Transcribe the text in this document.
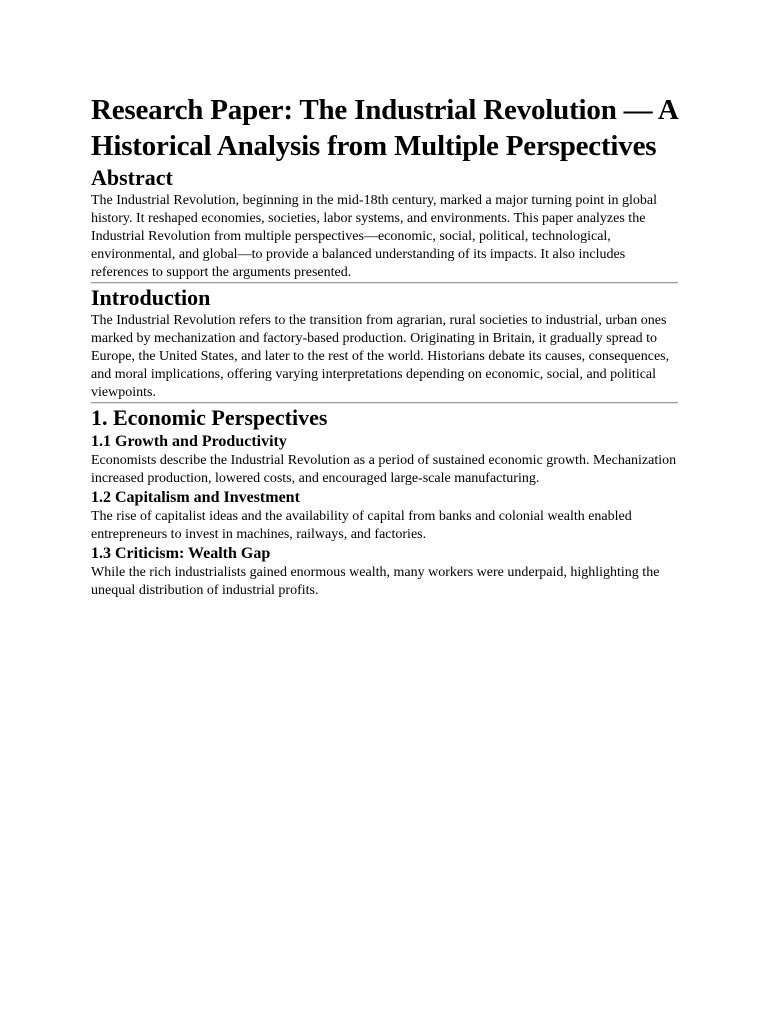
Research Paper: The Industrial Revolution — A Historical Analysis from Multiple Perspectives
Abstract

The Industrial Revolution, beginning in the mid-18th century, marked a major turning point in global history. It reshaped economies, societies, labor systems, and environments. This paper analyzes the Industrial Revolution from multiple perspectives—economic, social, political, technological, environmental, and global—to provide a balanced understanding of its impacts. It also includes references to support the arguments presented.

Introduction

The Industrial Revolution refers to the transition from agrarian, rural societies to industrial, urban ones marked by mechanization and factory-based production. Originating in Britain, it gradually spread to Europe, the United States, and later to the rest of the world. Historians debate its causes, consequences, and moral implications, offering varying interpretations depending on economic, social, and political viewpoints.

1. Economic Perspectives
1.1 Growth and Productivity

Economists describe the Industrial Revolution as a period of sustained economic growth. Mechanization increased production, lowered costs, and encouraged large-scale manufacturing.

1.2 Capitalism and Investment

The rise of capitalist ideas and the availability of capital from banks and colonial wealth enabled entrepreneurs to invest in machines, railways, and factories.

1.3 Criticism: Wealth Gap

While the rich industrialists gained enormous wealth, many workers were underpaid, highlighting the unequal distribution of industrial profits.
